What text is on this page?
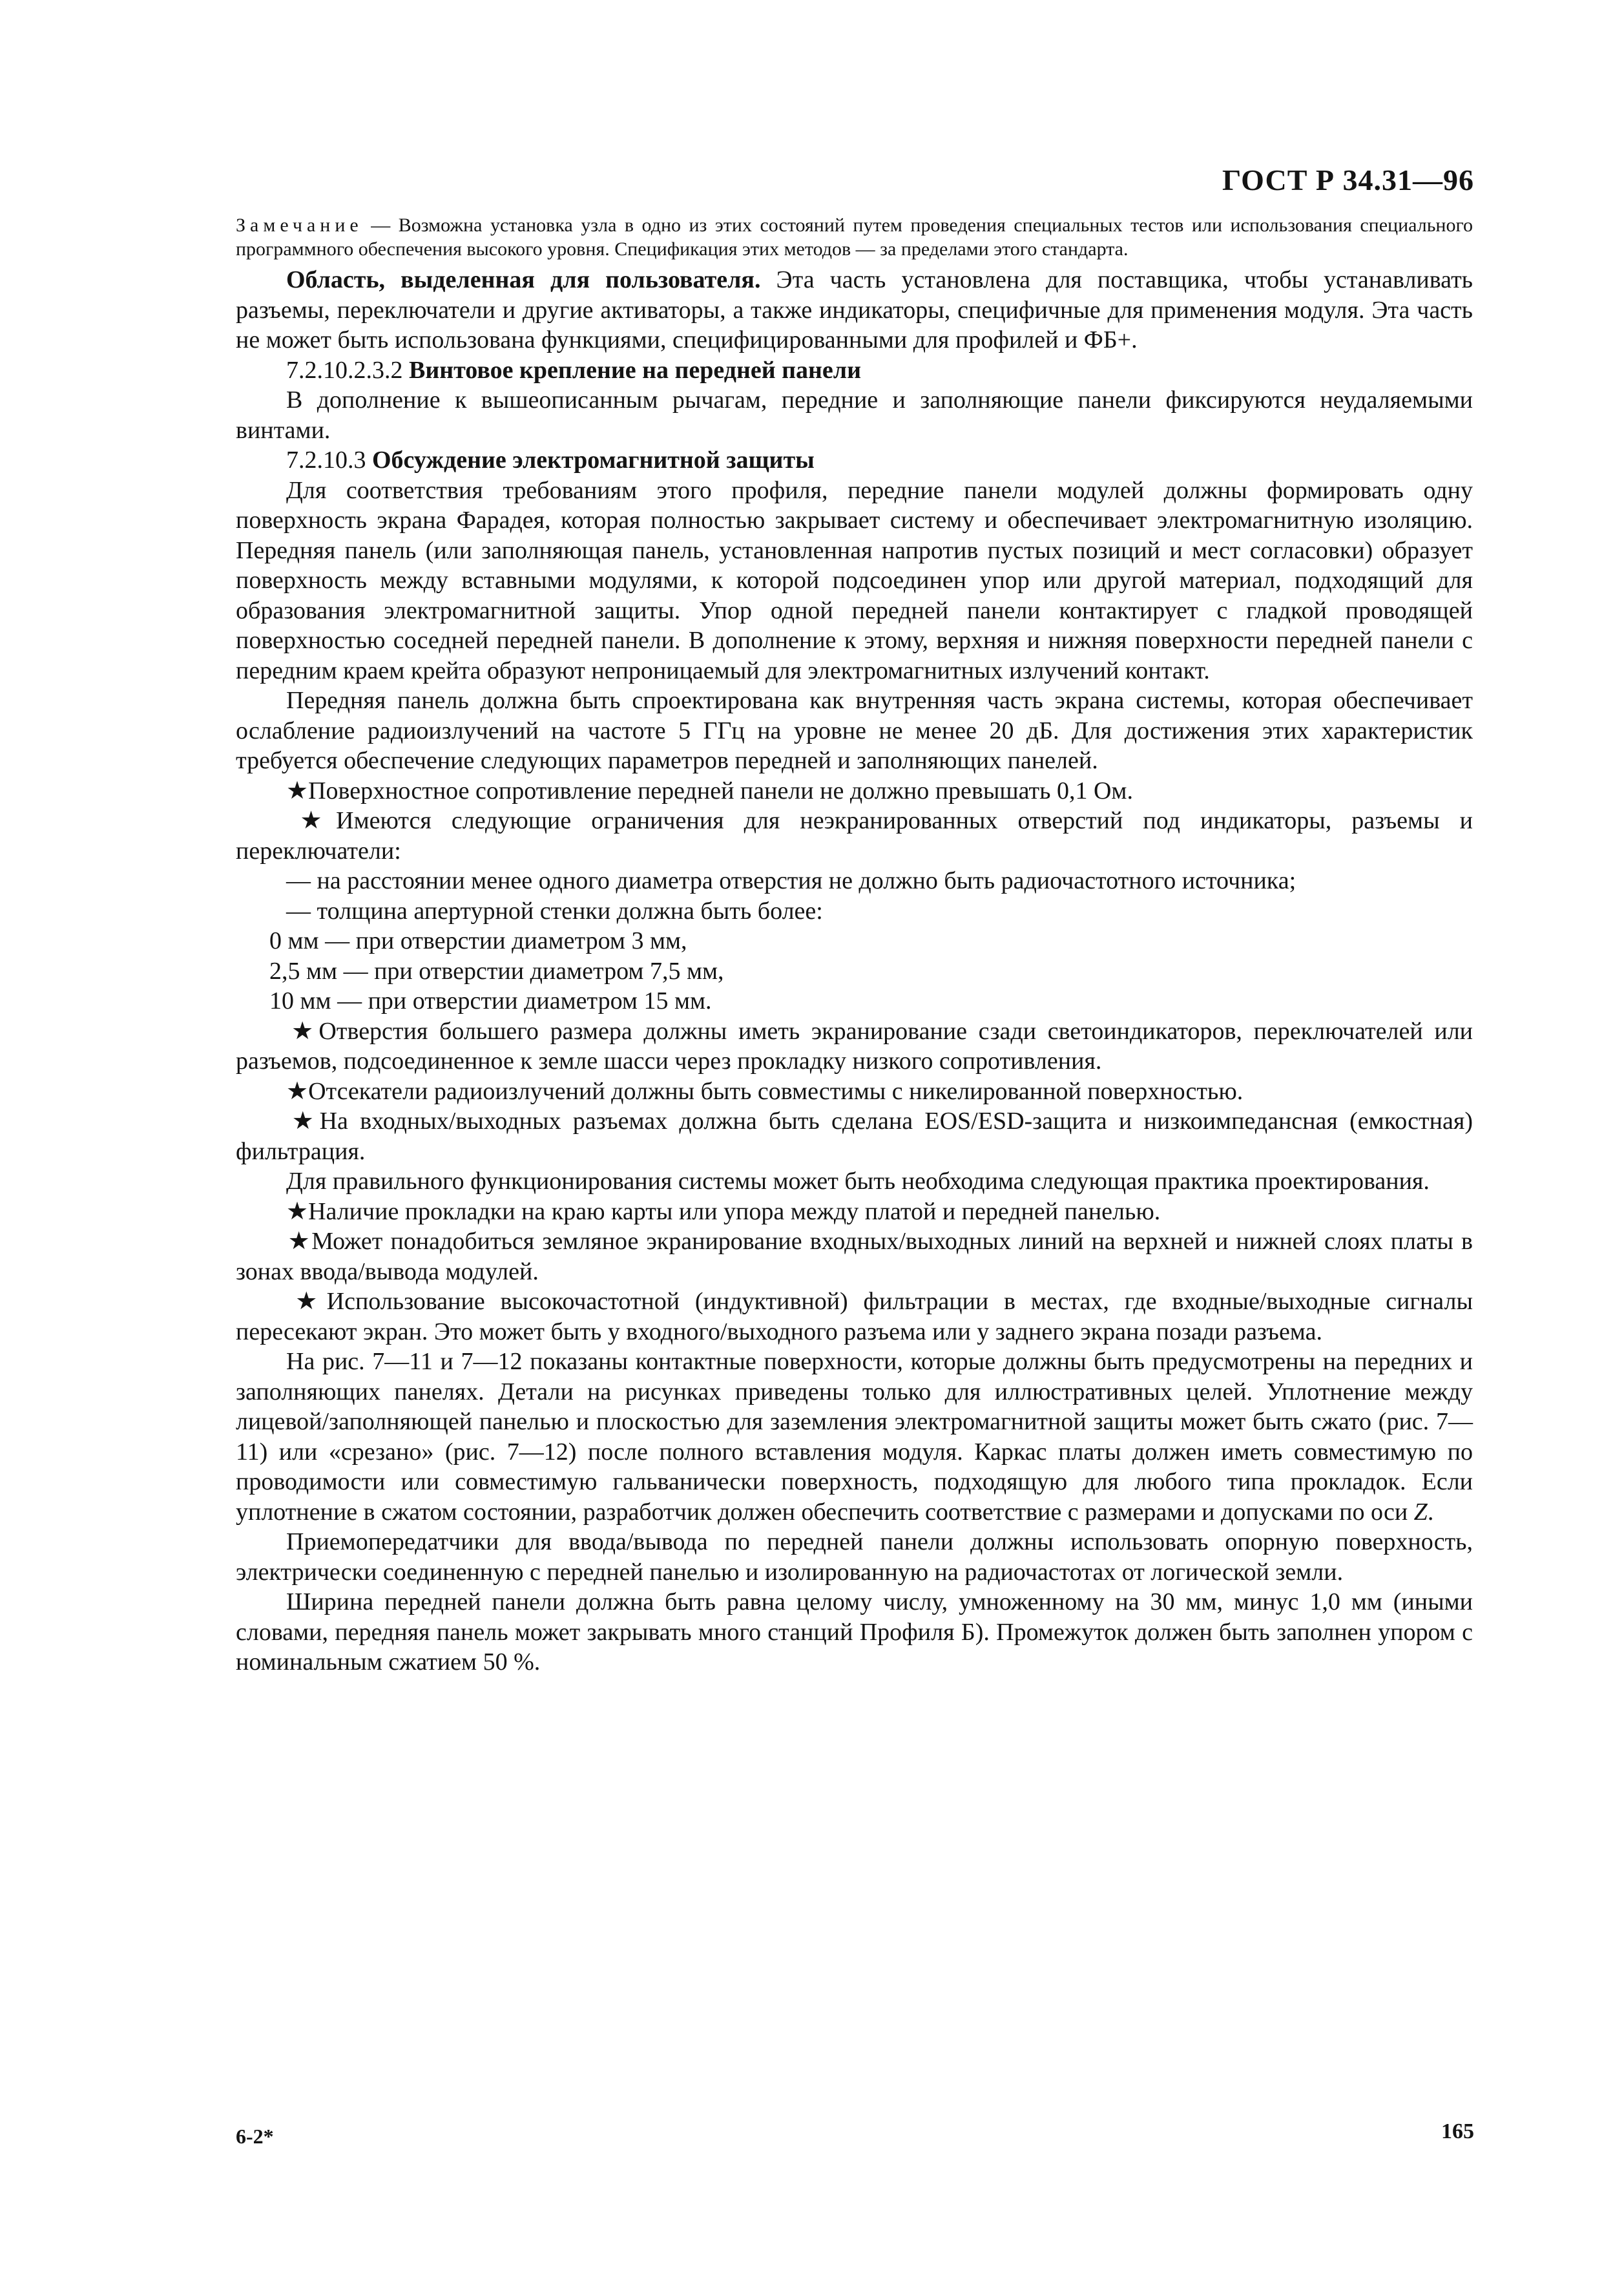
ГОСТ Р 34.31—96
Замечание — Возможна установка узла в одно из этих состояний путем проведения специальных тестов или использования специального программного обеспечения высокого уровня. Спецификация этих методов — за пределами этого стандарта.

Область, выделенная для пользователя. Эта часть установлена для поставщика, чтобы устанавливать разъемы, переключатели и другие активаторы, а также индикаторы, специфичные для применения модуля. Эта часть не может быть использована функциями, специфицированными для профилей и ФБ+.

7.2.10.2.3.2 Винтовое крепление на передней панели

В дополнение к вышеописанным рычагам, передние и заполняющие панели фиксируются неудаляемыми винтами.

7.2.10.3 Обсуждение электромагнитной защиты

Для соответствия требованиям этого профиля, передние панели модулей должны формировать одну поверхность экрана Фарадея, которая полностью закрывает систему и обеспечивает электромагнитную изоляцию. Передняя панель (или заполняющая панель, установленная напротив пустых позиций и мест согласовки) образует поверхность между вставными модулями, к которой подсоединен упор или другой материал, подходящий для образования электромагнитной защиты. Упор одной передней панели контактирует с гладкой проводящей поверхностью соседней передней панели. В дополнение к этому, верхняя и нижняя поверхности передней панели с передним краем крейта образуют непроницаемый для электромагнитных излучений контакт.

Передняя панель должна быть спроектирована как внутренняя часть экрана системы, которая обеспечивает ослабление радиоизлучений на частоте 5 ГГц на уровне не менее 20 дБ. Для достижения этих характеристик требуется обеспечение следующих параметров передней и заполняющих панелей.

★Поверхностное сопротивление передней панели не должно превышать 0,1 Ом.

★Имеются следующие ограничения для неэкранированных отверстий под индикаторы, разъемы и переключатели:

— на расстоянии менее одного диаметра отверстия не должно быть радиочастотного источника;

— толщина апертурной стенки должна быть более:

0 мм — при отверстии диаметром 3 мм,

2,5 мм — при отверстии диаметром 7,5 мм,

10 мм — при отверстии диаметром 15 мм.

★Отверстия большего размера должны иметь экранирование сзади светоиндикаторов, переключателей или разъемов, подсоединенное к земле шасси через прокладку низкого сопротивления.

★Отсекатели радиоизлучений должны быть совместимы с никелированной поверхностью.

★На входных/выходных разъемах должна быть сделана EOS/ESD-защита и низкоимпедансная (емкостная) фильтрация.

Для правильного функционирования системы может быть необходима следующая практика проектирования.

★Наличие прокладки на краю карты или упора между платой и передней панелью.

★Может понадобиться земляное экранирование входных/выходных линий на верхней и нижней слоях платы в зонах ввода/вывода модулей.

★Использование высокочастотной (индуктивной) фильтрации в местах, где входные/выходные сигналы пересекают экран. Это может быть у входного/выходного разъема или у заднего экрана позади разъема.

На рис. 7—11 и 7—12 показаны контактные поверхности, которые должны быть предусмотрены на передних и заполняющих панелях. Детали на рисунках приведены только для иллюстративных целей. Уплотнение между лицевой/заполняющей панелью и плоскостью для заземления электромагнитной защиты может быть сжато (рис. 7—11) или «срезано» (рис. 7—12) после полного вставления модуля. Каркас платы должен иметь совместимую по проводимости или совместимую гальванически поверхность, подходящую для любого типа прокладок. Если уплотнение в сжатом состоянии, разработчик должен обеспечить соответствие с размерами и допусками по оси Z.

Приемопередатчики для ввода/вывода по передней панели должны использовать опорную поверхность, электрически соединенную с передней панелью и изолированную на радиочастотах от логической земли.

Ширина передней панели должна быть равна целому числу, умноженному на 30 мм, минус 1,0 мм (иными словами, передняя панель может закрывать много станций Профиля Б). Промежуток должен быть заполнен упором с номинальным сжатием 50 %.

6-2*	165
